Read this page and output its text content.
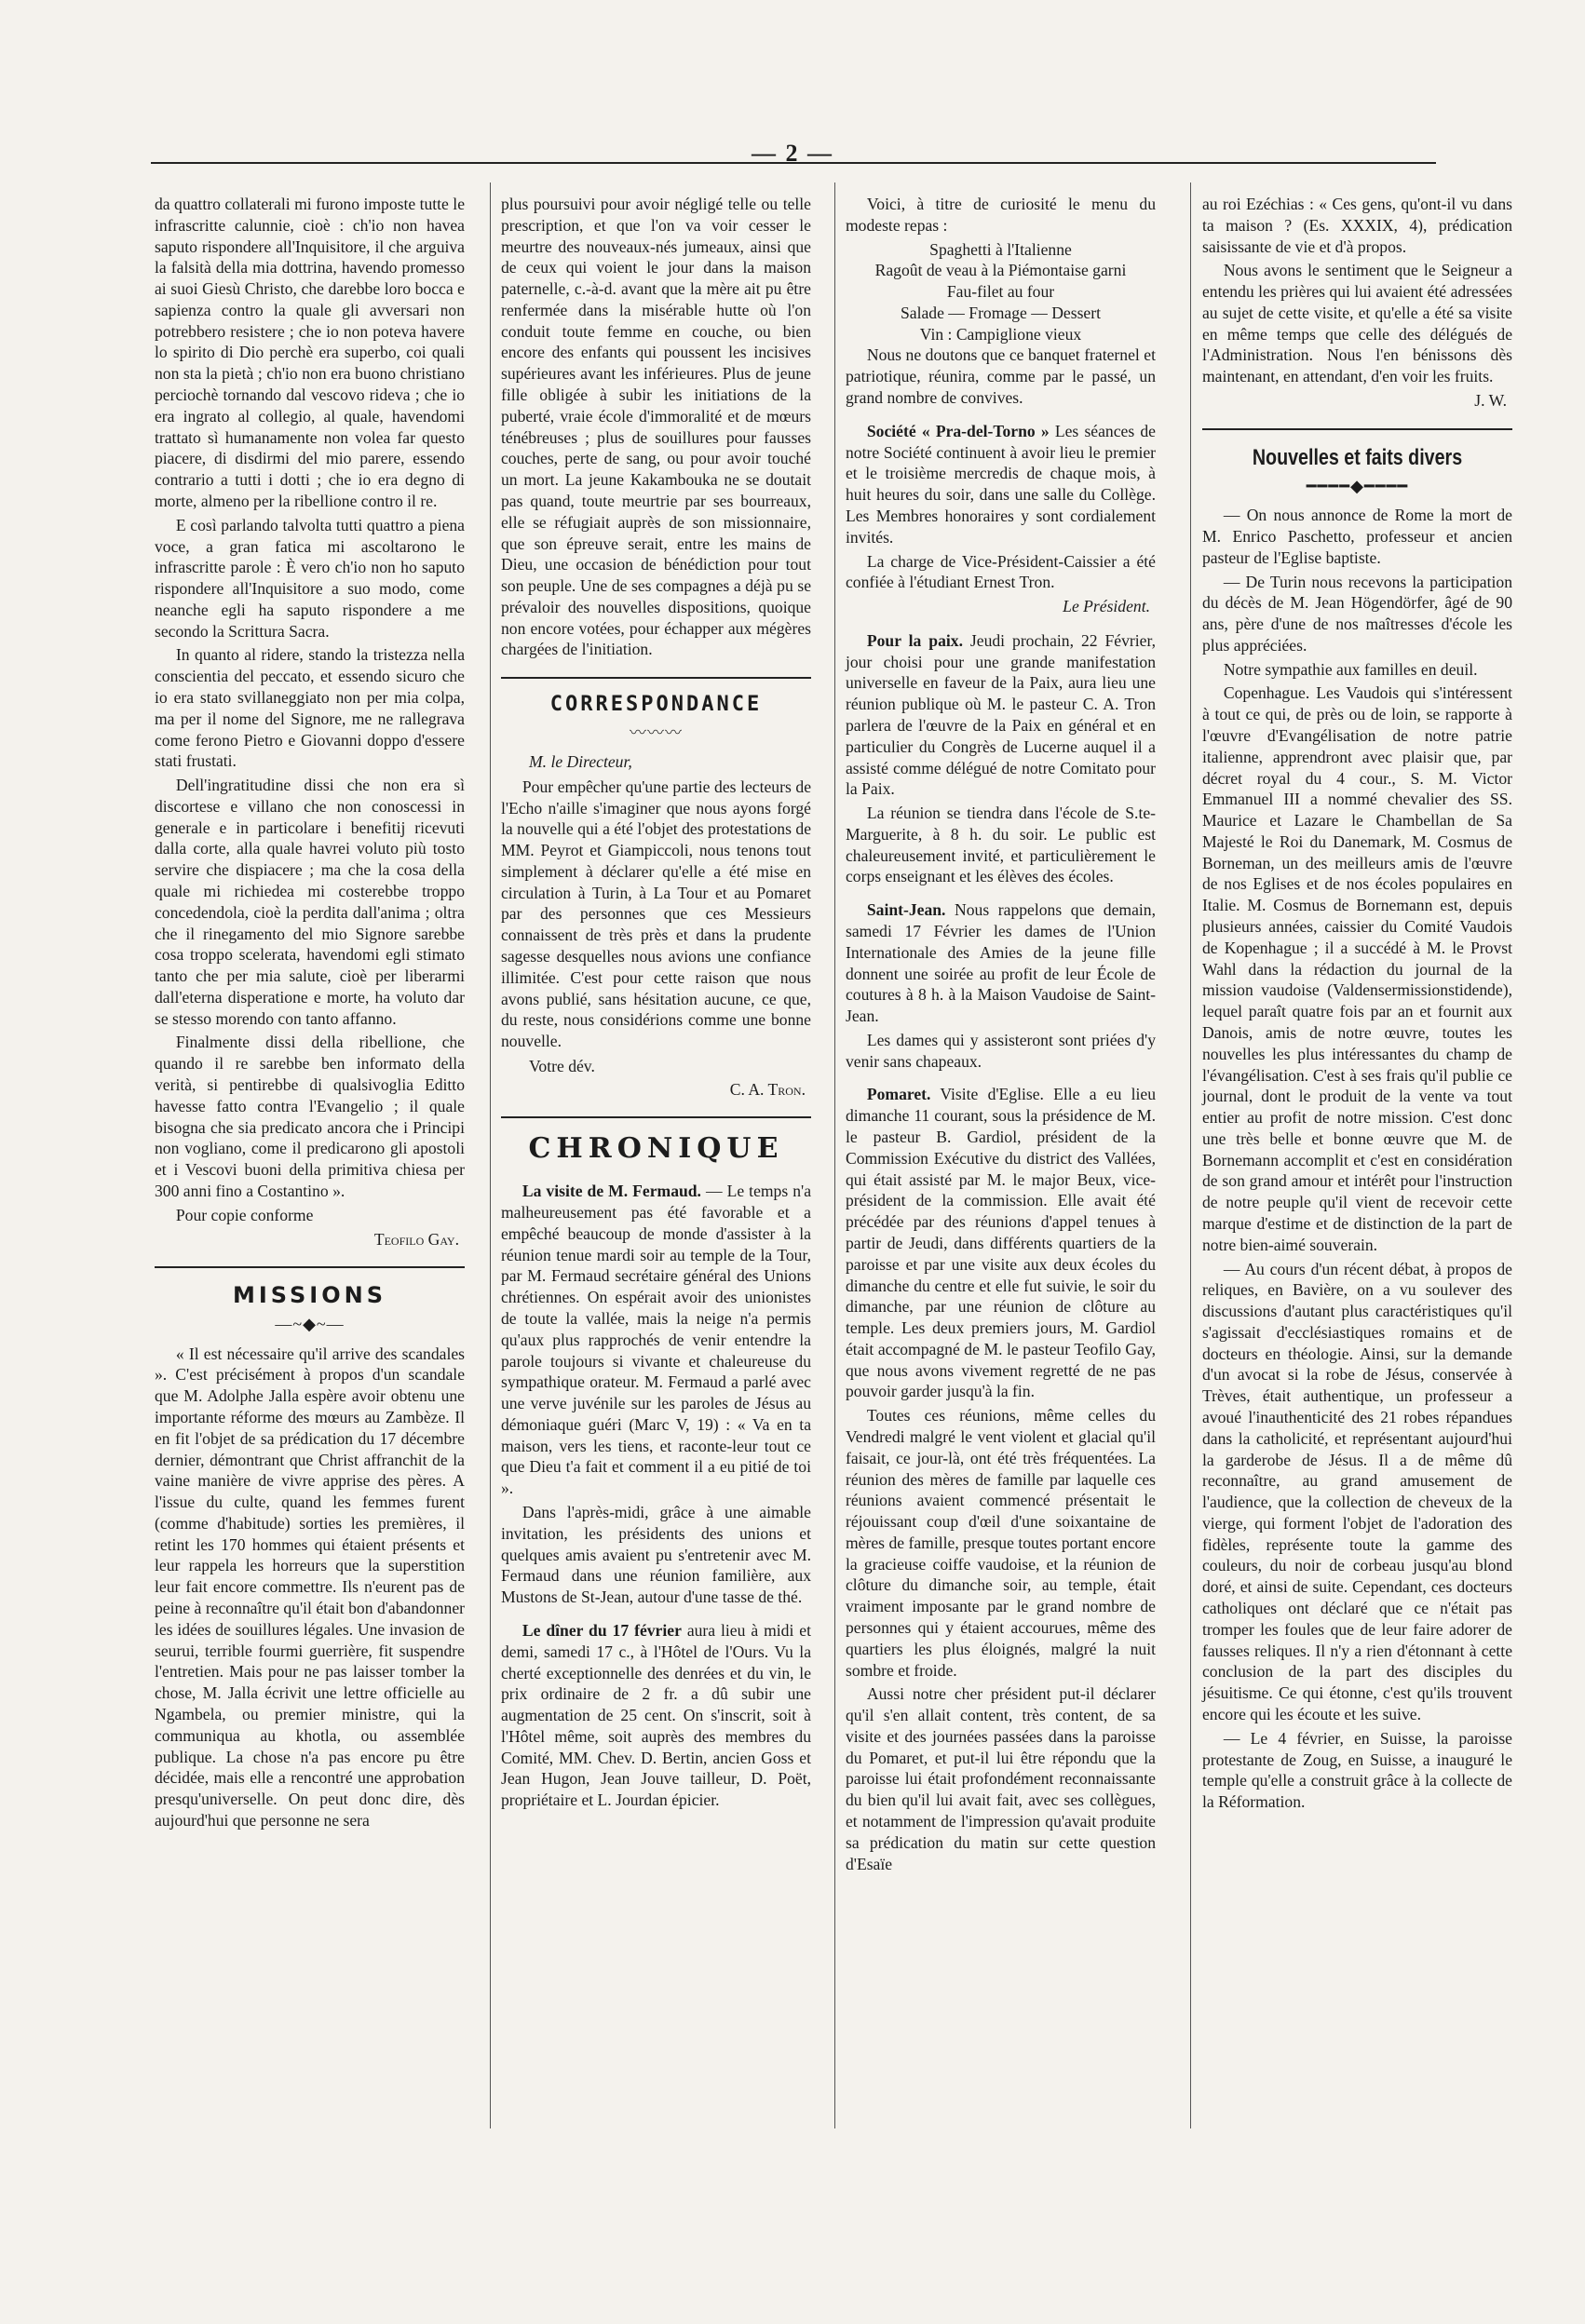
— 2 —

da quattro collaterali mi furono imposte tutte le infrascritte calunnie, cioè : ch'io non havea saputo rispondere all'Inquisitore, il che arguiva la falsità della mia dottrina, havendo promesso ai suoi Giesù Christo, che darebbe loro bocca e sapienza contro la quale gli avversari non potrebbero resistere ; che io non poteva havere lo spirito di Dio perchè era superbo, coi quali non sta la pietà ; ch'io non era buono christiano perciochè tornando dal vescovo rideva ; che io era ingrato al collegio, al quale, havendomi trattato sì humanamente non volea far questo piacere, di disdirmi del mio parere, essendo contrario a tutti i dotti ; che io era degno di morte, almeno per la ribellione contro il re.

E così parlando talvolta tutti quattro a piena voce, a gran fatica mi ascoltarono le infrascritte parole : È vero ch'io non ho saputo rispondere all'Inquisitore a suo modo, come neanche egli ha saputo rispondere a me secondo la Scrittura Sacra.

In quanto al ridere, stando la tristezza nella conscientia del peccato, et essendo sicuro che io era stato svillaneggiato non per mia colpa, ma per il nome del Signore, me ne rallegrava come ferono Pietro e Giovanni doppo d'essere stati frustati.

Dell'ingratitudine dissi che non era sì discortese e villano che non conoscessi in generale e in particolare i benefitij ricevuti dalla corte, alla quale havrei voluto più tosto servire che dispiacere ; ma che la cosa della quale mi richiedea mi costerebbe troppo concedendola, cioè la perdita dall'anima ; oltra che il rinegamento del mio Signore sarebbe cosa troppo scelerata, havendomi egli stimato tanto che per mia salute, cioè per liberarmi dall'eterna disperatione e morte, ha voluto dar se stesso morendo con tanto affanno.

Finalmente dissi della ribellione, che quando il re sarebbe ben informato della verità, si pentirebbe di qualsivoglia Editto havesse fatto contra l'Evangelio ; il quale bisogna che sia predicato ancora che i Principi non vogliano, come il predicarono gli apostoli et i Vescovi buoni della primitiva chiesa per 300 anni fino a Costantino ».

Pour copie conforme

Teofilo Gay.
MISSIONS
—~◆~—

« Il est nécessaire qu'il arrive des scandales ». C'est précisément à propos d'un scandale que M. Adolphe Jalla espère avoir obtenu une importante réforme des mœurs au Zambèze. Il en fit l'objet de sa prédication du 17 décembre dernier, démontrant que Christ affranchit de la vaine manière de vivre apprise des pères. A l'issue du culte, quand les femmes furent (comme d'habitude) sorties les premières, il retint les 170 hommes qui étaient présents et leur rappela les horreurs que la superstition leur fait encore commettre. Ils n'eurent pas de peine à reconnaître qu'il était bon d'abandonner les idées de souillures légales. Une invasion de seurui, terrible fourmi guerrière, fit suspendre l'entretien. Mais pour ne pas laisser tomber la chose, M. Jalla écrivit une lettre officielle au Ngambela, ou premier ministre, qui la communiqua au khotla, ou assemblée publique. La chose n'a pas encore pu être décidée, mais elle a rencontré une approbation presqu'universelle. On peut donc dire, dès aujourd'hui que personne ne sera

plus poursuivi pour avoir négligé telle ou telle prescription, et que l'on va voir cesser le meurtre des nouveaux-nés jumeaux, ainsi que de ceux qui voient le jour dans la maison paternelle, c.-à-d. avant que la mère ait pu être renfermée dans la misérable hutte où l'on conduit toute femme en couche, ou bien encore des enfants qui poussent les incisives supérieures avant les inférieures. Plus de jeune fille obligée à subir les initiations de la puberté, vraie école d'immoralité et de mœurs ténébreuses ; plus de souillures pour fausses couches, perte de sang, ou pour avoir touché un mort. La jeune Kakambouka ne se doutait pas quand, toute meurtrie par ses bourreaux, elle se réfugiait auprès de son missionnaire, que son épreuve serait, entre les mains de Dieu, une occasion de bénédiction pour tout son peuple. Une de ses compagnes a déjà pu se prévaloir des nouvelles dispositions, quoique non encore votées, pour échapper aux mégères chargées de l'initiation.

CORRESPONDANCE
〰〰〰
M. le Directeur,

Pour empêcher qu'une partie des lecteurs de l'Echo n'aille s'imaginer que nous ayons forgé la nouvelle qui a été l'objet des protestations de MM. Peyrot et Giampiccoli, nous tenons tout simplement à déclarer qu'elle a été mise en circulation à Turin, à La Tour et au Pomaret par des personnes que ces Messieurs connaissent de très près et dans la prudente sagesse desquelles nous avions une confiance illimitée. C'est pour cette raison que nous avons publié, sans hésitation aucune, ce que, du reste, nous considérions comme une bonne nouvelle.

Votre dév.
C. A. Tron.
CHRONIQUE

La visite de M. Fermaud. — Le temps n'a malheureusement pas été favorable et a empêché beaucoup de monde d'assister à la réunion tenue mardi soir au temple de la Tour, par M. Fermaud secrétaire général des Unions chrétiennes. On espérait avoir des unionistes de toute la vallée, mais la neige n'a permis qu'aux plus rapprochés de venir entendre la parole toujours si vivante et chaleureuse du sympathique orateur. M. Fermaud a parlé avec une verve juvénile sur les paroles de Jésus au démoniaque guéri (Marc V, 19) : « Va en ta maison, vers les tiens, et raconte-leur tout ce que Dieu t'a fait et comment il a eu pitié de toi ».

Dans l'après-midi, grâce à une aimable invitation, les présidents des unions et quelques amis avaient pu s'entretenir avec M. Fermaud dans une réunion familière, aux Mustons de St-Jean, autour d'une tasse de thé.

Le dîner du 17 février aura lieu à midi et demi, samedi 17 c., à l'Hôtel de l'Ours. Vu la cherté exceptionnelle des denrées et du vin, le prix ordinaire de 2 fr. a dû subir une augmentation de 25 cent. On s'inscrit, soit à l'Hôtel même, soit auprès des membres du Comité, MM. Chev. D. Bertin, ancien Goss et Jean Hugon, Jean Jouve tailleur, D. Poët, propriétaire et L. Jourdan épicier.

Voici, à titre de curiosité le menu du modeste repas :

Spaghetti à l'Italienne
Ragoût de veau à la Piémontaise garni
Fau-filet au four
Salade — Fromage — Dessert
Vin : Campiglione vieux

Nous ne doutons que ce banquet fraternel et patriotique, réunira, comme par le passé, un grand nombre de convives.

Société « Pra-del-Torno » Les séances de notre Société continuent à avoir lieu le premier et le troisième mercredis de chaque mois, à huit heures du soir, dans une salle du Collège. Les Membres honoraires y sont cordialement invités.

La charge de Vice-Président-Caissier a été confiée à l'étudiant Ernest Tron.

Le Président.

Pour la paix. Jeudi prochain, 22 Février, jour choisi pour une grande manifestation universelle en faveur de la Paix, aura lieu une réunion publique où M. le pasteur C. A. Tron parlera de l'œuvre de la Paix en général et en particulier du Congrès de Lucerne auquel il a assisté comme délégué de notre Comitato pour la Paix.

La réunion se tiendra dans l'école de S.te-Marguerite, à 8 h. du soir. Le public est chaleureusement invité, et particulièrement le corps enseignant et les élèves des écoles.

Saint-Jean. Nous rappelons que demain, samedi 17 Février les dames de l'Union Internationale des Amies de la jeune fille donnent une soirée au profit de leur École de coutures à 8 h. à la Maison Vaudoise de Saint-Jean.

Les dames qui y assisteront sont priées d'y venir sans chapeaux.

Pomaret. Visite d'Eglise. Elle a eu lieu dimanche 11 courant, sous la présidence de M. le pasteur B. Gardiol, président de la Commission Exécutive du district des Vallées, qui était assisté par M. le major Beux, vice-président de la commission. Elle avait été précédée par des réunions d'appel tenues à partir de Jeudi, dans différents quartiers de la paroisse et par une visite aux deux écoles du dimanche du centre et elle fut suivie, le soir du dimanche, par une réunion de clôture au temple. Les deux premiers jours, M. Gardiol était accompagné de M. le pasteur Teofilo Gay, que nous avons vivement regretté de ne pas pouvoir garder jusqu'à la fin.

Toutes ces réunions, même celles du Vendredi malgré le vent violent et glacial qu'il faisait, ce jour-là, ont été très fréquentées. La réunion des mères de famille par laquelle ces réunions avaient commencé présentait le réjouissant coup d'œil d'une soixantaine de mères de famille, presque toutes portant encore la gracieuse coiffe vaudoise, et la réunion de clôture du dimanche soir, au temple, était vraiment imposante par le grand nombre de personnes qui y étaient accourues, même des quartiers les plus éloignés, malgré la nuit sombre et froide.

Aussi notre cher président put-il déclarer qu'il s'en allait content, très content, de sa visite et des journées passées dans la paroisse du Pomaret, et put-il lui être répondu que la paroisse lui était profondément reconnaissante du bien qu'il lui avait fait, avec ses collègues, et notamment de l'impression qu'avait produite sa prédication du matin sur cette question d'Esaïe

au roi Ezéchias : « Ces gens, qu'ont-il vu dans ta maison ? (Es. XXXIX, 4), prédication saisissante de vie et d'à propos.

Nous avons le sentiment que le Seigneur a entendu les prières qui lui avaient été adressées au sujet de cette visite, et qu'elle a été sa visite en même temps que celle des délégués de l'Administration. Nous l'en bénissons dès maintenant, en attendant, d'en voir les fruits.

J. W.
Nouvelles et faits divers
━━━━◆━━━━

— On nous annonce de Rome la mort de M. Enrico Paschetto, professeur et ancien pasteur de l'Eglise baptiste.

— De Turin nous recevons la participation du décès de M. Jean Högendörfer, âgé de 90 ans, père d'une de nos maîtresses d'école les plus appréciées.

Notre sympathie aux familles en deuil.

Copenhague. Les Vaudois qui s'intéressent à tout ce qui, de près ou de loin, se rapporte à l'œuvre d'Evangélisation de notre patrie italienne, apprendront avec plaisir que, par décret royal du 4 cour., S. M. Victor Emmanuel III a nommé chevalier des SS. Maurice et Lazare le Chambellan de Sa Majesté le Roi du Danemark, M. Cosmus de Borneman, un des meilleurs amis de l'œuvre de nos Eglises et de nos écoles populaires en Italie. M. Cosmus de Bornemann est, depuis plusieurs années, caissier du Comité Vaudois de Kopenhague ; il a succédé à M. le Provst Wahl dans la rédaction du journal de la mission vaudoise (Valdensermissionstidende), lequel paraît quatre fois par an et fournit aux Danois, amis de notre œuvre, toutes les nouvelles les plus intéressantes du champ de l'évangélisation. C'est à ses frais qu'il publie ce journal, dont le produit de la vente va tout entier au profit de notre mission. C'est donc une très belle et bonne œuvre que M. de Bornemann accomplit et c'est en considération de son grand amour et intérêt pour l'instruction de notre peuple qu'il vient de recevoir cette marque d'estime et de distinction de la part de notre bien-aimé souverain.

— Au cours d'un récent débat, à propos de reliques, en Bavière, on a vu soulever des discussions d'autant plus caractéristiques qu'il s'agissait d'ecclésiastiques romains et de docteurs en théologie. Ainsi, sur la demande d'un avocat si la robe de Jésus, conservée à Trèves, était authentique, un professeur a avoué l'inauthenticité des 21 robes répandues dans la catholicité, et représentant aujourd'hui la garderobe de Jésus. Il a de même dû reconnaître, au grand amusement de l'audience, que la collection de cheveux de la vierge, qui forment l'objet de l'adoration des fidèles, représente toute la gamme des couleurs, du noir de corbeau jusqu'au blond doré, et ainsi de suite. Cependant, ces docteurs catholiques ont déclaré que ce n'était pas tromper les foules que de leur faire adorer de fausses reliques. Il n'y a rien d'étonnant à cette conclusion de la part des disciples du jésuitisme. Ce qui étonne, c'est qu'ils trouvent encore qui les écoute et les suive.

— Le 4 février, en Suisse, la paroisse protestante de Zoug, en Suisse, a inauguré le temple qu'elle a construit grâce à la collecte de la Réformation.
